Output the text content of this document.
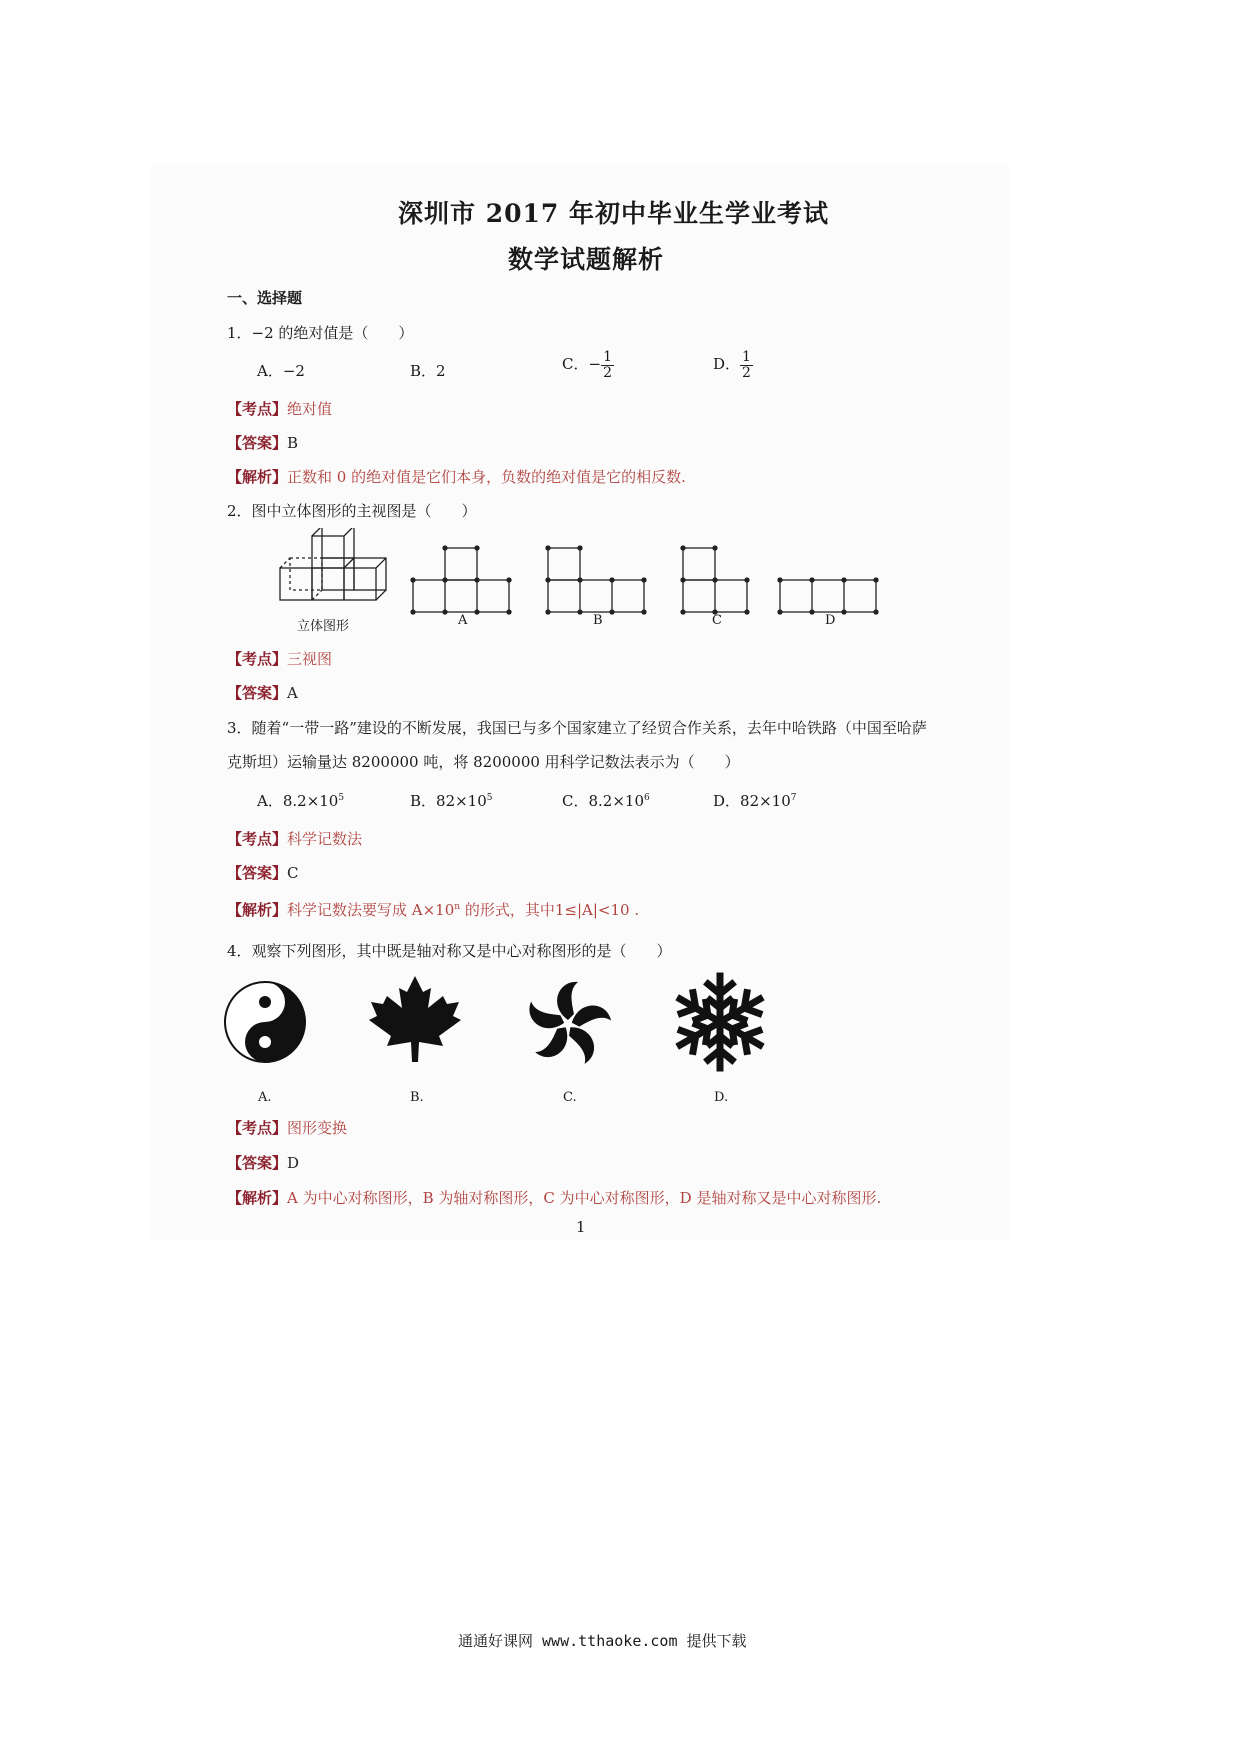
深圳市 2017 年初中毕业生学业考试
数学试题解析
一、选择题
1．−2 的绝对值是（　　）
A．−2	B．2	C．− $\frac{1}{2}$	D． $\frac{1}{2}$
【考点】绝对值
【答案】B
【解析】正数和 0 的绝对值是它们本身，负数的绝对值是它的相反数.
2．图中立体图形的主视图是（　　）
立体图形	A	B	C	D
【考点】三视图
【答案】A
3．随着“一带一路”建设的不断发展，我国已与多个国家建立了经贸合作关系，去年中哈铁路（中国至哈萨
克斯坦）运输量达 8200000 吨，将 8200000 用科学记数法表示为（　　）
A．$8.2\times 10^5$	B．$82\times 10^5$	C．$8.2\times 10^6$	D．$82\times 10^7$
【考点】科学记数法
【答案】C
【解析】科学记数法要写成 $A\times 10^n$ 的形式，其中1≤|A|<10 .
4．观察下列图形，其中既是轴对称又是中心对称图形的是（　　）
A.	B.	C.	D.
【考点】图形变换
【答案】D
【解析】A 为中心对称图形，B 为轴对称图形，C 为中心对称图形，D 是轴对称又是中心对称图形.
1
通通好课网 www.tthaoke.com 提供下载
